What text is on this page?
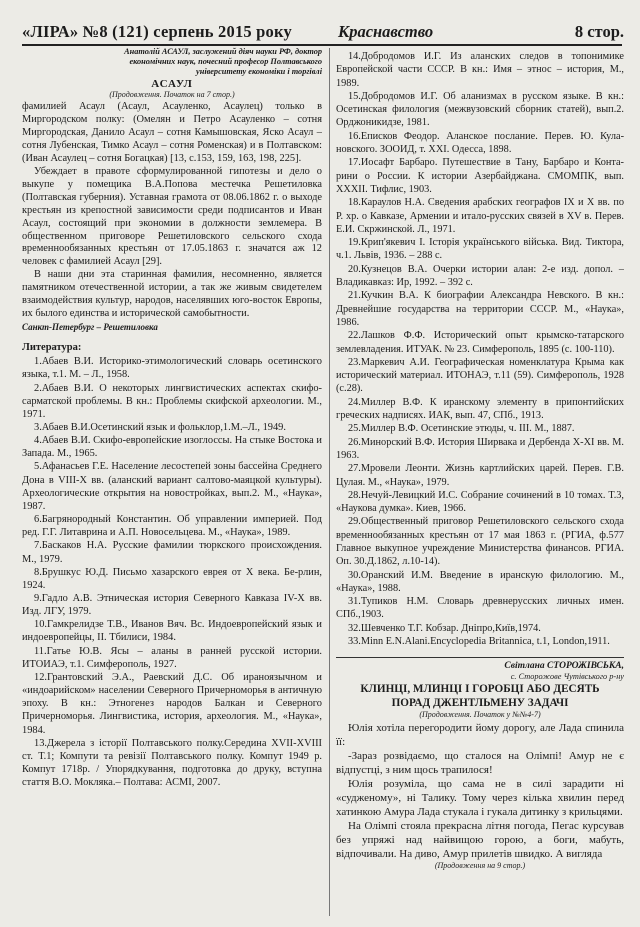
«ЛІРА» №8 (121) серпень 2015 року	Краснавство	8 стор.
Анатолій АСАУЛ, заслужений діяч науки РФ, доктор
економічних наук, почесний професор Полтавського
університету економіки і торгівлі
АСАУЛ
(Продовження. Початок на 7 стор.)

фамилией Асаул (Асаул, Асауленко, Асаулец) только в Миргородском полку: (Омелян и Петро Асауленко – сотня Миргородская, Данило Асаул – сотня Камышовская, Яско Асаул – сотня Лубенская, Тимко Асаул – сотня Роменская) и в Полтавском: (Иван Асаулец – сотня Богацкая) [13, с.153, 159, 163, 198, 225].

Убеждает в правоте сформулированной гипотезы и дело о выкупе у помещика В.А.Попова местечка Решетиловка (Полтавская губерния). Уставная грамота от 08.06.1862 г. о выходе крестьян из крепостной зависимости среди подписантов и Иван Асаул, состоящий при экономии в должности землемера. В общественном приговоре Решетиловского сельского схода временнообязанных крестьян от 17.05.1863 г. значатся аж 12 человек с фамилией Асаул [29].

В наши дни эта старинная фамилия, несомненно, является памятником отечественной истории, а так же живым свидетелем взаимодействия культур, народов, населявших юго-восток Европы, их былого единства и исторической самобытности.

Санкт-Петербург – Решетиловка
Литература:

1.Абаев В.И. Историко-этимологический словарь осетинского языка, т.1. М. – Л., 1958.

2.Абаев В.И. О некоторых лингвистических аспектах скифо-сарматской проблемы. В кн.: Проблемы скифской археологии. М., 1971.

3.Абаев В.И.Осетинский язык и фольклор,1.М.–Л., 1949.

4.Абаев В.И. Скифо-европейские изоглоссы. На стыке Востока и Запада. М., 1965.

5.Афанасьев Г.Е. Население лесостепей зоны бассейна Среднего Дона в VIII-X вв. (аланский вариант салтово-маяцкой культуры). Археологические открытия на новостройках, вып.2. М., «Наука», 1987.

6.Багрянородный Константин. Об управлении империей. Под ред. Г.Г. Литаврина и А.П. Новосельцева. М., «Наука», 1989.

7.Баскаков Н.А. Русские фамилии тюркского происхождения. М., 1979.

8.Брушкус Ю.Д. Письмо хазарского еврея от X века. Бе-рлин, 1924.

9.Гадло А.В. Этническая история Северного Кавказа IV-X вв. Изд. ЛГУ, 1979.

10.Гамкрелидзе Т.В., Иванов Вяч. Вс. Индоевропейский язык и индоевропейцы, II. Тбилиси, 1984.

11.Гатье Ю.В. Ясы – аланы в ранней русской истории. ИТОИАЭ, т.1. Симферополь, 1927.

12.Грантовский Э.А., Раевский Д.С. Об ираноязычном и «индоарийском» населении Северного Причерноморья в античную эпоху. В кн.: Этногенез народов Балкан и Северного Причерноморья. Лингвистика, история, археология. М., «Наука», 1984.

13.Джерела з історії Полтавського полку.Середина XVII-XVIII ст. Т.1; Компути та ревізії Полтавського полку. Компут 1949 р. Компут 1718р. / Упорядкування, подготовка до друку, вступна стаття В.О. Мокляка.– Полтава: АСМІ, 2007.

14.Добродомов И.Г. Из аланских следов в топонимике Европейской части СССР. В кн.: Имя – этнос – история, М., 1989.

15.Добродомов И.Г. Об аланизмах в русском языке. В кн.: Осетинская филология (межвузовский сборник статей), вып.2. Орджоникидзе, 1981.

16.Еписков Феодор. Аланское послание. Перев. Ю. Кула-новского. ЗООИД, т. XXI. Одесса, 1898.

17.Иосафт Барбаро. Путешествие в Тану, Барбаро и Конта-рини о России. К истории Азербайджана. СМОМПК, вып. XXXII. Тифлис, 1903.

18.Караулов Н.А. Сведения арабских географов IX и X вв. по Р. хр. о Кавказе, Армении и итало-русских связей в XV в. Перев. Е.И. Скржинской. Л., 1971.

19.Крип'якевич І. Історія українського війська. Вид. Тиктора, ч.1. Львів, 1936. – 288 с.

20.Кузнецов В.А. Очерки истории алан: 2-е изд. допол. – Владикавказ: Ир, 1992. – 392 с.

21.Кучкин В.А. К биографии Александра Невского. В кн.: Древнейшие государства на территории СССР. М., «Наука», 1986.

22.Лашков Ф.Ф. Исторический опыт крымско-татарского землевладения. ИТУАК. № 23. Симферополь, 1895 (с. 100-110).

23.Маркевич А.И. Географическая номенклатура Крыма как исторический материал. ИТОНАЭ, т.11 (59). Симферополь, 1928 (с.28).

24.Миллер В.Ф. К иранскому элементу в припонтийских греческих надписях. ИАК, вып. 47, СПб., 1913.

25.Миллер В.Ф. Осетинские этюды, ч. III. М., 1887.

26.Минорский В.Ф. История Ширвака и Дербенда X-XI вв. М. 1963.

27.Мровели Леонти. Жизнь картлийских царей. Перев. Г.В. Цулая. М., «Наука», 1979.

28.Нечуй-Левицкий И.С. Собрание сочинений в 10 томах. Т.3, «Наукова думка». Киев, 1966.

29.Общественный приговор Решетиловского сельского схода временнообязанных крестьян от 17 мая 1863 г. (РГИА, ф.577 Главное выкупное учреждение Министерства финансов. РГИА. Оп. 30.Д.1862, л.10-14).

30.Оранский И.М. Введение в иранскую филологию. М., «Наука», 1988.

31.Тупиков Н.М. Словарь древнерусских личных имен. СПб.,1903.

32.Шевченко Т.Г. Кобзар. Дніпро,Київ,1974.

33.Minn E.N.Alani.Encyclopedia Britannica, t.1, London,1911.

Світлана СТОРОЖІВСЬКА,
с. Сторожове Чутівського р-ну
КЛИНЦІ, МЛИНЦІ І ГОРОБЦІ АБО ДЕСЯТЬ
ПОРАД ДЖЕНТЛЬМЕНУ ЗАДАЧІ
(Продовження. Початок у №№4-7)

Юлія хотіла перегородити йому дорогу, але Лада спинила її:

-Зараз розвідаємо, що сталося на Олімпі! Амур не є відпустці, з ним щось трапилося!

Юлія розуміла, що сама не в силі зарадити ні «судженому», ні Талику. Тому через кілька хвилин перед хатинкою Амура Лада стукала і гукала дитинку з крильцями.

На Олімпі стояла прекрасна літня погода, Пегас курсував без упряжі над найвищою горою, а боги, мабуть, відпочивали. На диво, Амур прилетів швидко. А вигляда

(Продовження на 9 стор.)
